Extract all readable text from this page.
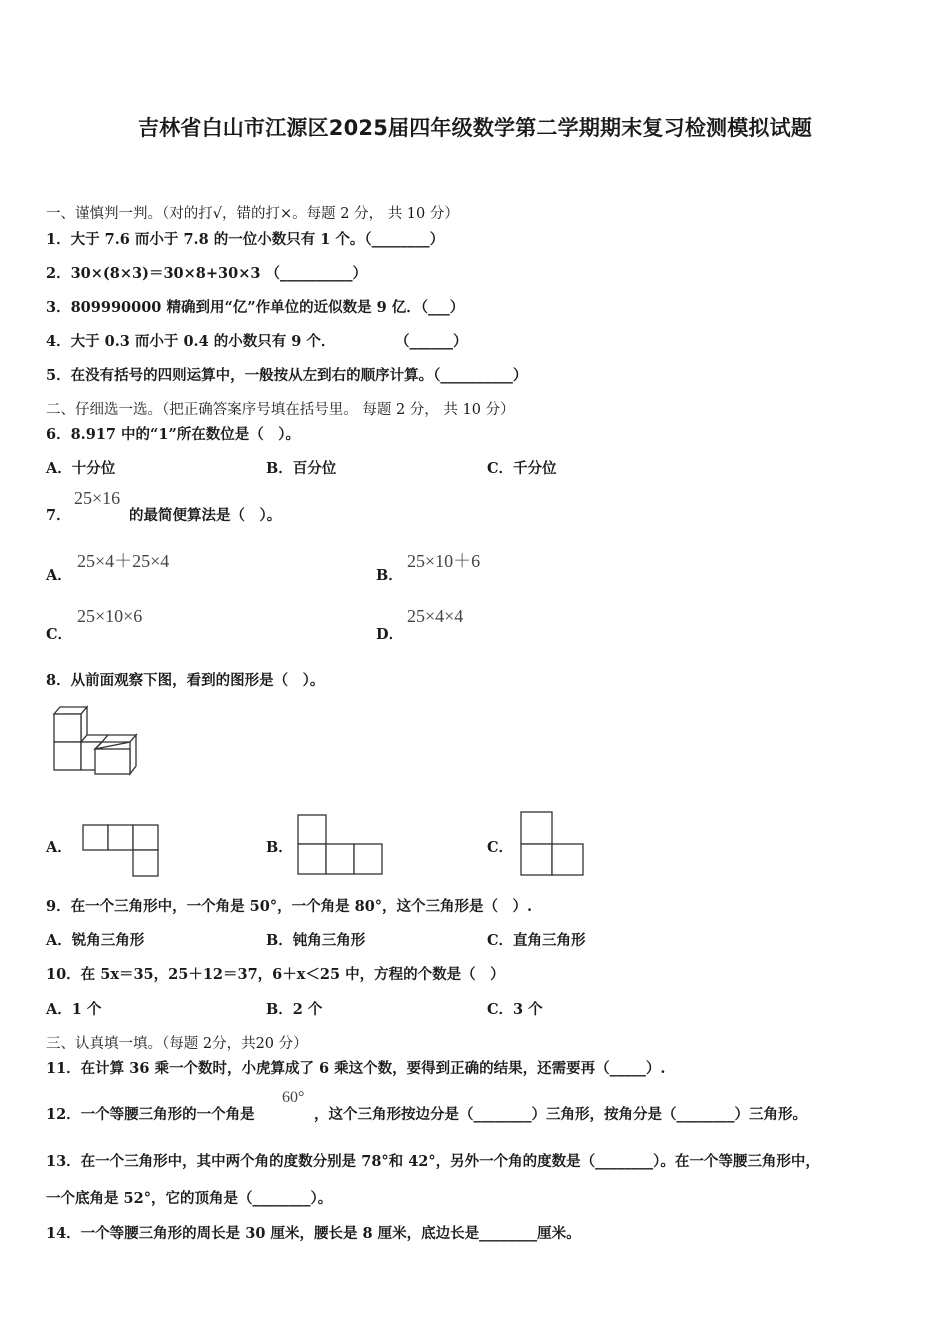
吉林省白山市江源区2025届四年级数学第二学期期末复习检测模拟试题
一、谨慎判一判。（对的打√，错的打×。每题 2 分， 共 10 分）
1．大于 7.6 而小于 7.8 的一位小数只有 1 个。（________）
2．30×(8×3)＝30×8+30×3 （__________）
3．809990000 精确到用“亿”作单位的近似数是 9 亿．（___）
4．大于 0.3 而小于 0.4 的小数只有 9 个．	（______）
5．在没有括号的四则运算中，一般按从左到右的顺序计算。（__________）
二、仔细选一选。（把正确答案序号填在括号里。 每题 2 分， 共 10 分）
6．8.917 中的“1”所在数位是（　）。
A．十分位	B．百分位	C．千分位
7．
25×16
的最简便算法是（　）。
A．
25×4＋25×4
B．
25×10＋6
C．
25×10×6
D．
25×4×4
8．从前面观察下图，看到的图形是（　）。
A．	B．	C．
9．在一个三角形中，一个角是 50°，一个角是 80°，这个三角形是（　）.
A．锐角三角形	B．钝角三角形	C．直角三角形
10．在 5x＝35，25＋12＝37，6＋x＜25 中，方程的个数是（　）
A．1 个	B．2 个	C．3 个
三、认真填一填。（每题 2分，共20 分）
11．在计算 36 乘一个数时，小虎算成了 6 乘这个数，要得到正确的结果，还需要再（_____）.
12．一个等腰三角形的一个角是
60°
，这个三角形按边分是（________）三角形，按角分是（________）三角形。
13．在一个三角形中，其中两个角的度数分别是 78°和 42°，另外一个角的度数是（________）。在一个等腰三角形中，
一个底角是 52°，它的顶角是（________）。
14．一个等腰三角形的周长是 30 厘米，腰长是 8 厘米，底边长是________厘米。
